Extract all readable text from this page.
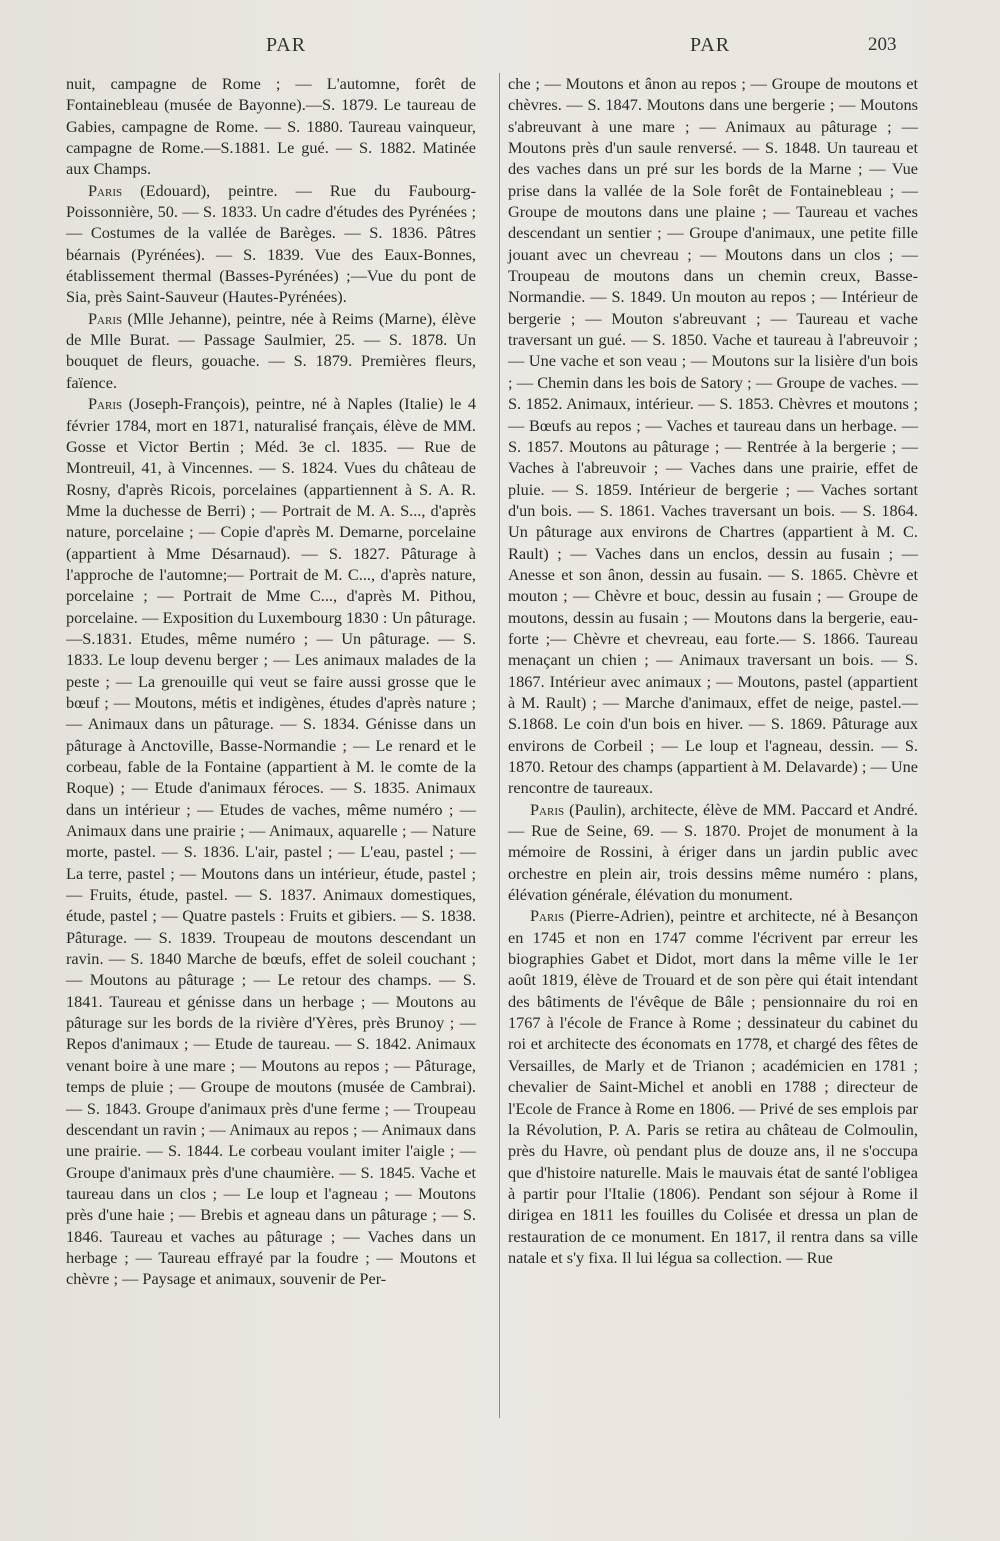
PAR	PAR	203

nuit, campagne de Rome ; — L'automne, forêt de Fontainebleau (musée de Bayonne).—S. 1879. Le taureau de Gabies, campagne de Rome. — S. 1880. Taureau vainqueur, campagne de Rome.—S.1881. Le gué. — S. 1882. Matinée aux Champs.

Paris (Edouard), peintre. — Rue du Faubourg-Poissonnière, 50. — S. 1833. Un cadre d'études des Pyrénées ; — Costumes de la vallée de Barèges. — S. 1836. Pâtres béarnais (Pyrénées). — S. 1839. Vue des Eaux-Bonnes, établissement thermal (Basses-Pyrénées) ;—Vue du pont de Sia, près Saint-Sauveur (Hautes-Pyrénées).

Paris (Mlle Jehanne), peintre, née à Reims (Marne), élève de Mlle Burat. — Passage Saulmier, 25. — S. 1878. Un bouquet de fleurs, gouache. — S. 1879. Premières fleurs, faïence.

Paris (Joseph-François), peintre, né à Naples (Italie) le 4 février 1784, mort en 1871, naturalisé français, élève de MM. Gosse et Victor Bertin ; Méd. 3e cl. 1835. — Rue de Montreuil, 41, à Vincennes. — S. 1824. Vues du château de Rosny, d'après Ricois, porcelaines (appartiennent à S. A. R. Mme la duchesse de Berri) ; — Portrait de M. A. S..., d'après nature, porcelaine ; — Copie d'après M. Demarne, porcelaine (appartient à Mme Désarnaud). — S. 1827. Pâturage à l'approche de l'automne;— Portrait de M. C..., d'après nature, porcelaine ; — Portrait de Mme C..., d'après M. Pithou, porcelaine. — Exposition du Luxembourg 1830 : Un pâturage.—S.1831. Etudes, même numéro ; — Un pâturage. — S. 1833. Le loup devenu berger ; — Les animaux malades de la peste ; — La grenouille qui veut se faire aussi grosse que le bœuf ; — Moutons, métis et indigènes, études d'après nature ; — Animaux dans un pâturage. — S. 1834. Génisse dans un pâturage à Anctoville, Basse-Normandie ; — Le renard et le corbeau, fable de la Fontaine (appartient à M. le comte de la Roque) ; — Etude d'animaux féroces. — S. 1835. Animaux dans un intérieur ; — Etudes de vaches, même numéro ; — Animaux dans une prairie ; — Animaux, aquarelle ; — Nature morte, pastel. — S. 1836. L'air, pastel ; — L'eau, pastel ; — La terre, pastel ; — Moutons dans un intérieur, étude, pastel ; — Fruits, étude, pastel. — S. 1837. Animaux domestiques, étude, pastel ; — Quatre pastels : Fruits et gibiers. — S. 1838. Pâturage. — S. 1839. Troupeau de moutons descendant un ravin. — S. 1840 Marche de bœufs, effet de soleil couchant ; — Moutons au pâturage ; — Le retour des champs. — S. 1841. Taureau et génisse dans un herbage ; — Moutons au pâturage sur les bords de la rivière d'Yères, près Brunoy ; — Repos d'animaux ; — Etude de taureau. — S. 1842. Animaux venant boire à une mare ; — Moutons au repos ; — Pâturage, temps de pluie ; — Groupe de moutons (musée de Cambrai). — S. 1843. Groupe d'animaux près d'une ferme ; — Troupeau descendant un ravin ; — Animaux au repos ; — Animaux dans une prairie. — S. 1844. Le corbeau voulant imiter l'aigle ; — Groupe d'animaux près d'une chaumière. — S. 1845. Vache et taureau dans un clos ; — Le loup et l'agneau ; — Moutons près d'une haie ; — Brebis et agneau dans un pâturage ; — S. 1846. Taureau et vaches au pâturage ; — Vaches dans un herbage ; — Taureau effrayé par la foudre ; — Moutons et chèvre ; — Paysage et animaux, souvenir de Per-

che ; — Moutons et ânon au repos ; — Groupe de moutons et chèvres. — S. 1847. Moutons dans une bergerie ; — Moutons s'abreuvant à une mare ; — Animaux au pâturage ; — Moutons près d'un saule renversé. — S. 1848. Un taureau et des vaches dans un pré sur les bords de la Marne ; — Vue prise dans la vallée de la Sole forêt de Fontainebleau ; — Groupe de moutons dans une plaine ; — Taureau et vaches descendant un sentier ; — Groupe d'animaux, une petite fille jouant avec un chevreau ; — Moutons dans un clos ; — Troupeau de moutons dans un chemin creux, Basse-Normandie. — S. 1849. Un mouton au repos ; — Intérieur de bergerie ; — Mouton s'abreuvant ; — Taureau et vache traversant un gué. — S. 1850. Vache et taureau à l'abreuvoir ; — Une vache et son veau ; — Moutons sur la lisière d'un bois ; — Chemin dans les bois de Satory ; — Groupe de vaches. — S. 1852. Animaux, intérieur. — S. 1853. Chèvres et moutons ; — Bœufs au repos ; — Vaches et taureau dans un herbage. — S. 1857. Moutons au pâturage ; — Rentrée à la bergerie ; — Vaches à l'abreuvoir ; — Vaches dans une prairie, effet de pluie. — S. 1859. Intérieur de bergerie ; — Vaches sortant d'un bois. — S. 1861. Vaches traversant un bois. — S. 1864. Un pâturage aux environs de Chartres (appartient à M. C. Rault) ; — Vaches dans un enclos, dessin au fusain ; — Anesse et son ânon, dessin au fusain. — S. 1865. Chèvre et mouton ; — Chèvre et bouc, dessin au fusain ; — Groupe de moutons, dessin au fusain ; — Moutons dans la bergerie, eau-forte ;— Chèvre et chevreau, eau forte.— S. 1866. Taureau menaçant un chien ; — Animaux traversant un bois. — S. 1867. Intérieur avec animaux ; — Moutons, pastel (appartient à M. Rault) ; — Marche d'animaux, effet de neige, pastel.—S.1868. Le coin d'un bois en hiver. — S. 1869. Pâturage aux environs de Corbeil ; — Le loup et l'agneau, dessin. — S. 1870. Retour des champs (appartient à M. Delavarde) ; — Une rencontre de taureaux.

Paris (Paulin), architecte, élève de MM. Paccard et André. — Rue de Seine, 69. — S. 1870. Projet de monument à la mémoire de Rossini, à ériger dans un jardin public avec orchestre en plein air, trois dessins même numéro : plans, élévation générale, élévation du monument.

Paris (Pierre-Adrien), peintre et architecte, né à Besançon en 1745 et non en 1747 comme l'écrivent par erreur les biographies Gabet et Didot, mort dans la même ville le 1er août 1819, élève de Trouard et de son père qui était intendant des bâtiments de l'évêque de Bâle ; pensionnaire du roi en 1767 à l'école de France à Rome ; dessinateur du cabinet du roi et architecte des économats en 1778, et chargé des fêtes de Versailles, de Marly et de Trianon ; académicien en 1781 ; chevalier de Saint-Michel et anobli en 1788 ; directeur de l'Ecole de France à Rome en 1806. — Privé de ses emplois par la Révolution, P. A. Paris se retira au château de Colmoulin, près du Havre, où pendant plus de douze ans, il ne s'occupa que d'histoire naturelle. Mais le mauvais état de santé l'obligea à partir pour l'Italie (1806). Pendant son séjour à Rome il dirigea en 1811 les fouilles du Colisée et dressa un plan de restauration de ce monument. En 1817, il rentra dans sa ville natale et s'y fixa. Il lui légua sa collection. — Rue
